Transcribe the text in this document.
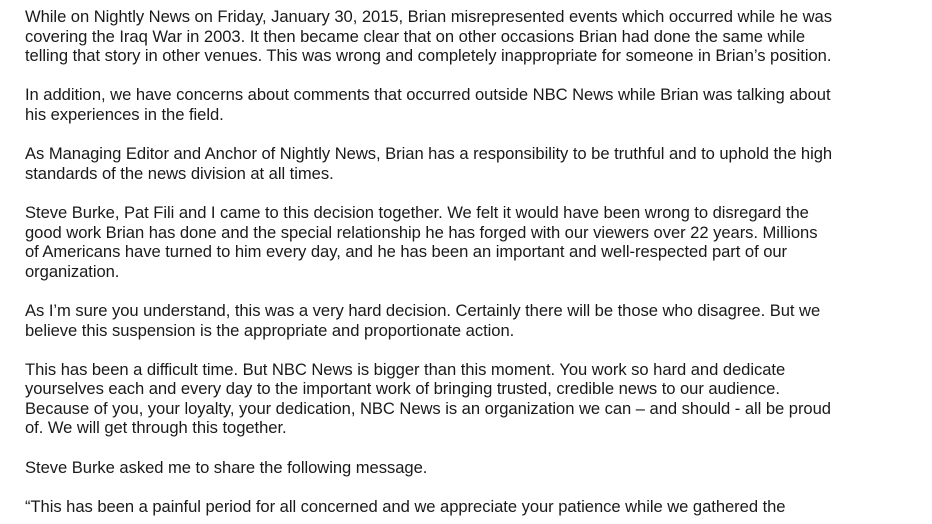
While on Nightly News on Friday, January 30, 2015, Brian misrepresented events which occurred while he was
covering the Iraq War in 2003. It then became clear that on other occasions Brian had done the same while
telling that story in other venues. This was wrong and completely inappropriate for someone in Brian’s position.

In addition, we have concerns about comments that occurred outside NBC News while Brian was talking about
his experiences in the field.

As Managing Editor and Anchor of Nightly News, Brian has a responsibility to be truthful and to uphold the high
standards of the news division at all times.

Steve Burke, Pat Fili and I came to this decision together. We felt it would have been wrong to disregard the
good work Brian has done and the special relationship he has forged with our viewers over 22 years. Millions
of Americans have turned to him every day, and he has been an important and well-respected part of our
organization.

As I’m sure you understand, this was a very hard decision. Certainly there will be those who disagree. But we
believe this suspension is the appropriate and proportionate action.

This has been a difficult time. But NBC News is bigger than this moment. You work so hard and dedicate
yourselves each and every day to the important work of bringing trusted, credible news to our audience.
Because of you, your loyalty, your dedication, NBC News is an organization we can – and should - all be proud
of. We will get through this together.

Steve Burke asked me to share the following message.

“This has been a painful period for all concerned and we appreciate your patience while we gathered the
